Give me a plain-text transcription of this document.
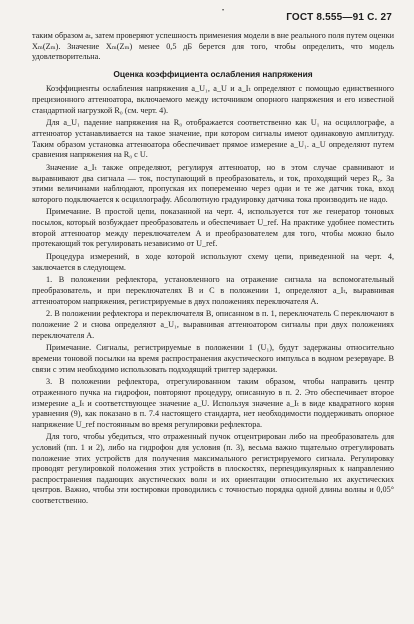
•
ГОСТ 8.555—91 С. 27

таким образом aₜ, затем проверяют успешность применения модели в вне реального поля путем оценки Xₘ(Zₘ). Значение Xₘ(Zₘ) менее 0,5 дБ берется для того, чтобы определить, что модель удовлетворительна.

Оценка коэффициента ослабления напряжения

Коэффициенты ослабления напряжения a_U₁, a_U и a_Iₜ определяют с помощью единственного прецизионного аттенюатора, включаемого между источником опорного напряжения и его известной стандартной нагрузкой R₀ (см. черт. 4).

Для a_U₁ падение напряжения на R₀ отображается соответственно как U₁ на осциллографе, а аттенюатор устанавливается на такое значение, при котором сигналы имеют одинаковую амплитуду. Таким образом установка аттенюатора обеспечивает прямое измерение a_U₁. a_U определяют путем сравнения напряжения на R₀ с U.

Значение a_Iₜ также определяют, регулируя аттенюатор, но в этом случае сравнивают и выравнивают два сигнала — ток, поступающий в преобразователь, и ток, проходящий через R₀. За этими величинами наблюдают, пропуская их попеременно через одни и те же датчик тока, вход которого подключается к осциллографу. Абсолютную градуировку датчика тока производить не надо.

Примечание. В простой цепи, показанной на черт. 4, используется тот же генератор тоновых посылок, который возбуждает преобразователь и обеспечивает U_ref. На практике удобнее поместить второй аттенюатор между переключателем A и преобразователем для того, чтобы можно было протекающий ток регулировать независимо от U_ref.

Процедура измерений, в ходе которой используют схему цепи, приведенной на черт. 4, заключается в следующем.

1. В положении рефлектора, установленного на отражение сигнала на вспомогательный преобразователь, и при переключателях B и C в положении 1, определяют a_Iₜ, выравнивая аттенюатором напряжения, регистрируемые в двух положениях переключателя A.

2. В положении рефлектора и переключателя B, описанном в п. 1, переключатель C переключают в положение 2 и снова определяют a_U₁, выравнивая аттенюатором сигналы при двух положениях переключателя A.

Примечание. Сигналы, регистрируемые в положении 1 (U₁), будут задержаны относительно времени тоновой посылки на время распространения акустического импульса в водном резервуаре. В связи с этим необходимо использовать подходящий триггер задержки.

3. В положении рефлектора, отрегулированном таким образом, чтобы направить центр отраженного пучка на гидрофон, повторяют процедуру, описанную в п. 2. Это обеспечивает второе измерение a_Iₜ и соответствующее значение a_U. Используя значение a_Iₜ в виде квадратного корня уравнения (9), как показано в п. 7.4 настоящего стандарта, нет необходимости поддерживать опорное напряжение U_ref постоянным во время регулировки рефлектора.

Для того, чтобы убедиться, что отраженный пучок отцентрирован либо на преобразователь для условий (пп. 1 и 2), либо на гидрофон для условия (п. 3), весьма важно тщательно отрегулировать положение этих устройств для получения максимального регистрируемого сигнала. Регулировку проводят регулировкой положения этих устройств в плоскостях, перпендикулярных к направлению распространения падающих акустических волн и их ориентации относительно их акустических центров. Важно, чтобы эти юстировки проводились с точностью порядка одной длины волны и 0,05° соответственно.
